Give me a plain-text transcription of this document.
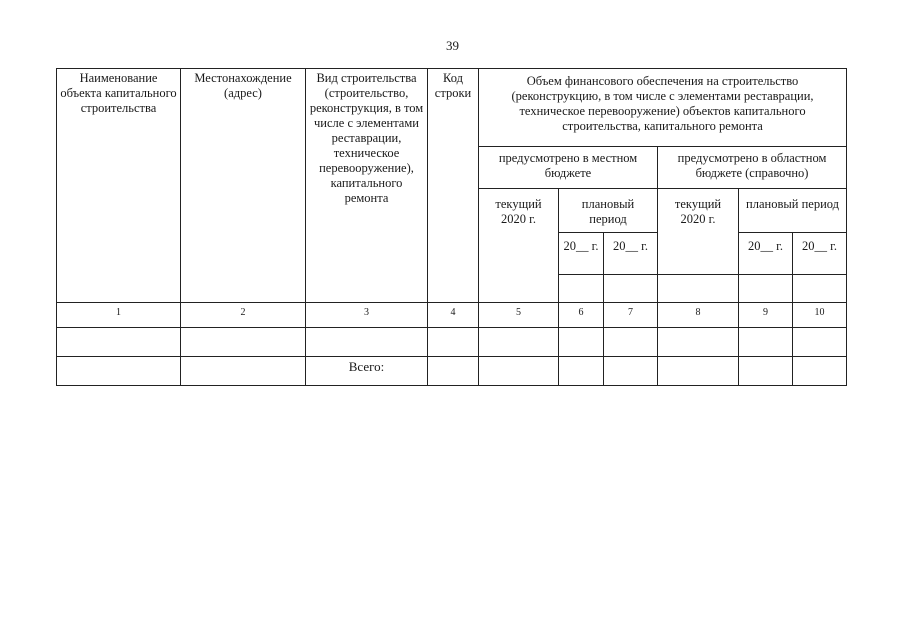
39
Наименование объекта капитального строительства	Местонахождение (адрес)	Вид строительства (строительство, реконструкция, в том числе с элементами реставрации, техническое перевооружение), капитального ремонта	Код строки	Объем финансового обеспечения на строительство (реконструкцию, в том числе с элементами реставрации, техническое перевооружение) объектов капитального строительства, капитального ремонта					
				предусмотрено в местном бюджете			предусмотрено в областном бюджете (справочно)		
				текущий 2020 г.	плановый период		текущий 2020 г.	плановый период	
					20__ г.	20__ г.		20__ г.	20__ г.

1	2	3	4	5	6	7	8	9	10

		Всего:							
